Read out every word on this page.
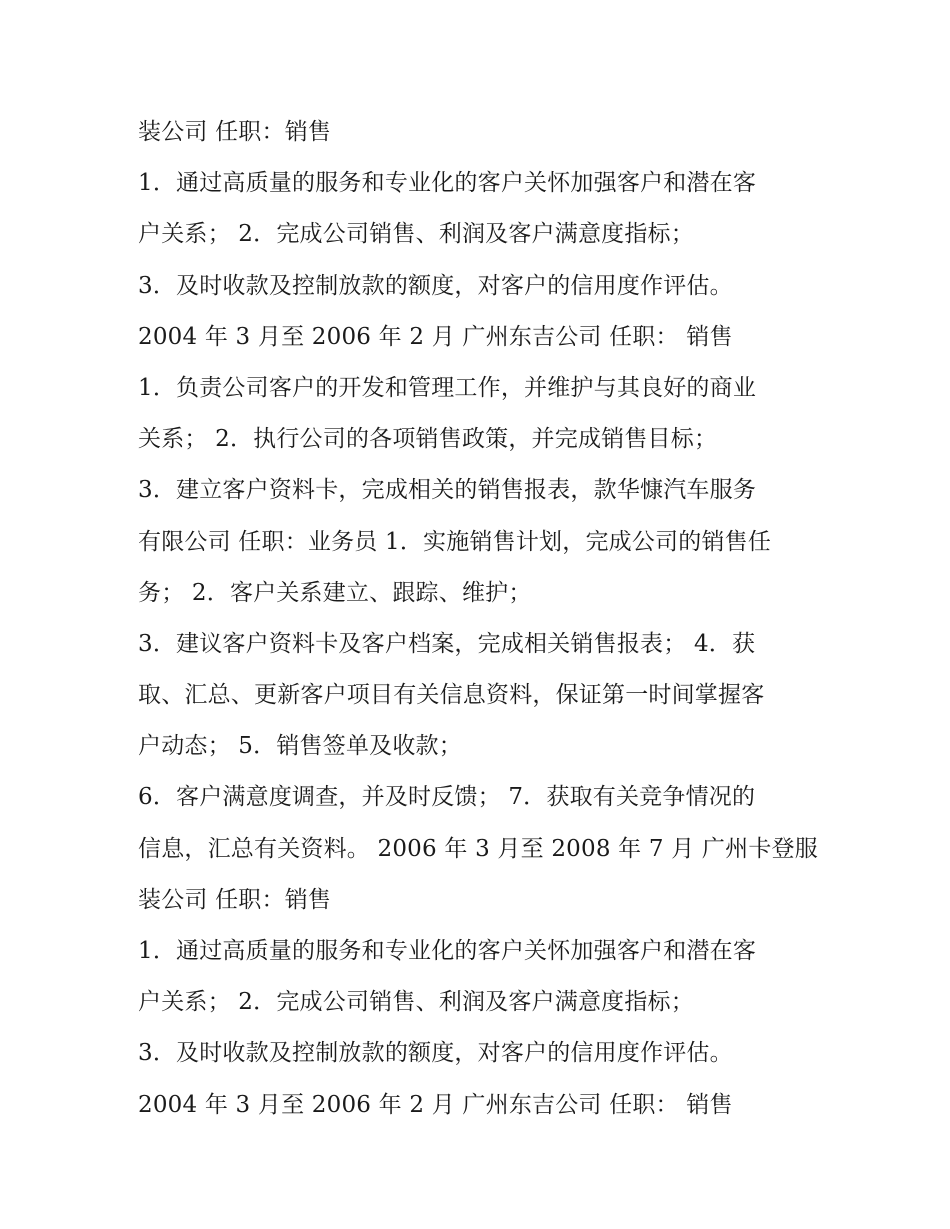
装公司 任职：销售
1．通过高质量的服务和专业化的客户关怀加强客户和潜在客
户关系； 2．完成公司销售、利润及客户满意度指标；
3．及时收款及控制放款的额度，对客户的信用度作评估。
2004 年 3 月至 2006 年 2 月 广州东吉公司 任职： 销售
1．负责公司客户的开发和管理工作，并维护与其良好的商业
关系； 2．执行公司的各项销售政策，并完成销售目标；
3．建立客户资料卡，完成相关的销售报表，款华慷汽车服务
有限公司 任职：业务员 1．实施销售计划，完成公司的销售任
务； 2．客户关系建立、跟踪、维护；
3．建议客户资料卡及客户档案，完成相关销售报表； 4．获
取、汇总、更新客户项目有关信息资料，保证第一时间掌握客
户动态； 5．销售签单及收款；
6．客户满意度调查，并及时反馈； 7．获取有关竞争情况的
信息，汇总有关资料。 2006 年 3 月至 2008 年 7 月 广州卡登服
装公司 任职：销售
1．通过高质量的服务和专业化的客户关怀加强客户和潜在客
户关系； 2．完成公司销售、利润及客户满意度指标；
3．及时收款及控制放款的额度，对客户的信用度作评估。
2004 年 3 月至 2006 年 2 月 广州东吉公司 任职： 销售
